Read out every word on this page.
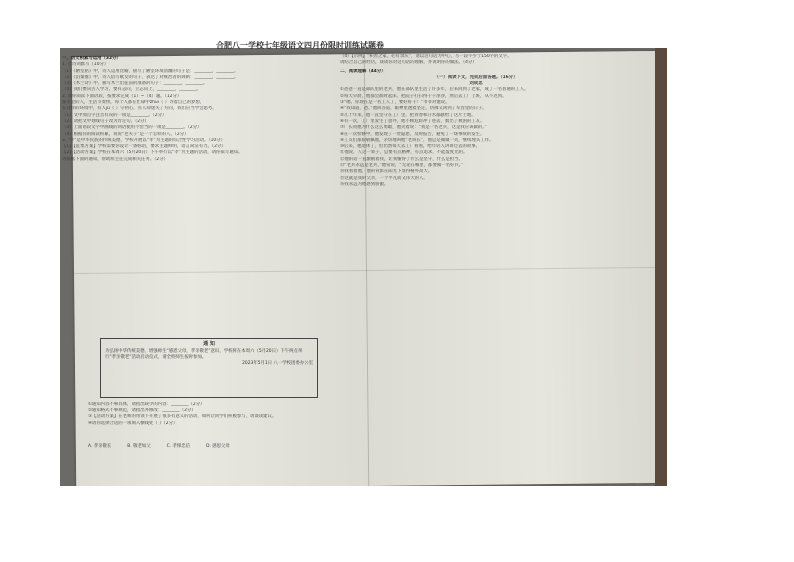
合肥八一学校七年级语文四月份限时训练试题卷
一、语文积累与运用（32分）
1. 古诗词默写（10分）
（1）《陋室铭》中，诗人运用比喻，描写了陋室环境清幽的句子是：________，________。
（2）《泊秦淮》中，诗人借写歌女的句子，表达了对统治者的讽刺：________，________。
（3）《木兰诗》中，描写木兰出征前的准备的句子：________，________。
（4）我们要向古人学习，要有志向，立志向上，________，________。
2. 请你阅读下面语段，按要求完成（1）~（4）题。（12分）
都市里的人，生活节奏快，每个人都在忙碌中zhui（ ）寻着自己的梦想，
在这样的环境中，有人jù（ ）守初心，有人却迷失了方向，我们应当学会思考。
（1）文中加点字注音有误的一项是________。（2分）
（2）请把文中划线句子改为肯定句。（2分）
（3）上面语段文字中画线的词语使用不恰当的一项是________。（2分）
（4）根据你的阅读积累，说说“老夫子”是一个怎样的人。（2分）
3. “孝”是中华民族的传统美德，学校开展以“孝”为主题的综合性学习活动。（10分）
【1】【征集方案】学校需要你设计一条标语，要求主题鲜明，语言简洁有力。（2分）
【2】【活动方案】学校在本周六（5月20日）下午举行以“孝”为主题的活动，请你拟写通知。
请根据下面的通知，帮助班主任完成相关任务。（2分）
通 知
为弘扬中华传统美德，增强师生“感恩父母，孝亲敬老”意识，学校将在本周六（5月20日）下午两点举行“孝亲敬老”活动启动仪式，请全校师生按时参加。
2023年5月1日 八一学校团委办公室
①通知内容不够具体，请指出缺少的内容：________（2分）
②通知格式不够规范，请指出并修改：________（2分）
③【活动方案】在老师的带领下开展了很多有意义的活动，如何让同学们积极参与，请谈谈建议。
④请你选择合适的一项填入横线处（ ）（2分）
A. 孝亲敬长	B. 敬老如父	C. 孝悌忠信	D. 感恩父母
（4）【示例】“积善之家，必有余庆”，请以这句话为中心，写一段不少于150字的文字。
请结合自己的经历，谈谈你对这句话的理解，并说明你的做法。（4分）
二、阅读理解（44分）
（一）阅读下文，完成后面各题。（16分）
刘成忠
①爸爸一直是部队里的老兵，他在部队里生活了许多年，后来回到了老家，成了一名普通的工人。
②每天早晨，他都会准时起床，把院子打扫得干干净净，然后去工厂上班，从不迟到。
③“嗯，你现在是一名工人了，要好好干！”爷爷对他说。
④“我知道，爸。”他回答道，眼神里透着坚定，仿佛又回到了军营里的日子。
⑤几十年来，他一直坚守在工厂里，把青春和汗水都献给了这片土地。
⑥有一次，工厂里发生了意外，他不顾危险冲了进去，救出了被困的工友。
⑦厂长问他为什么这么勇敢，他笑着说：“我是一名老兵，这是我应该做的。”
⑧在一次检修中，他发现了一处隐患，及时报告，避免了一场事故的发生。
⑨工友们都很敬佩他，亲切地叫他“老班长”，他总是微微一笑，继续埋头工作。
⑩后来，他退休了，但仍然每天去工厂看看，给年轻人讲讲过去的故事。
⑪他说，人这一辈子，总要有点精神，有点追求，不能虚度光阴。
⑫他的话一直激励着我，让我懂得了什么是坚守，什么是担当。
⑬“老兵永远是老兵，”他常说，“无论在哪里，都要做一名好兵。”
⑭我看着他，他的背影在阳光下显得格外高大。
⑮这就是我的父亲，一个平凡而又伟大的人。
⑯我永远为他感到骄傲。
